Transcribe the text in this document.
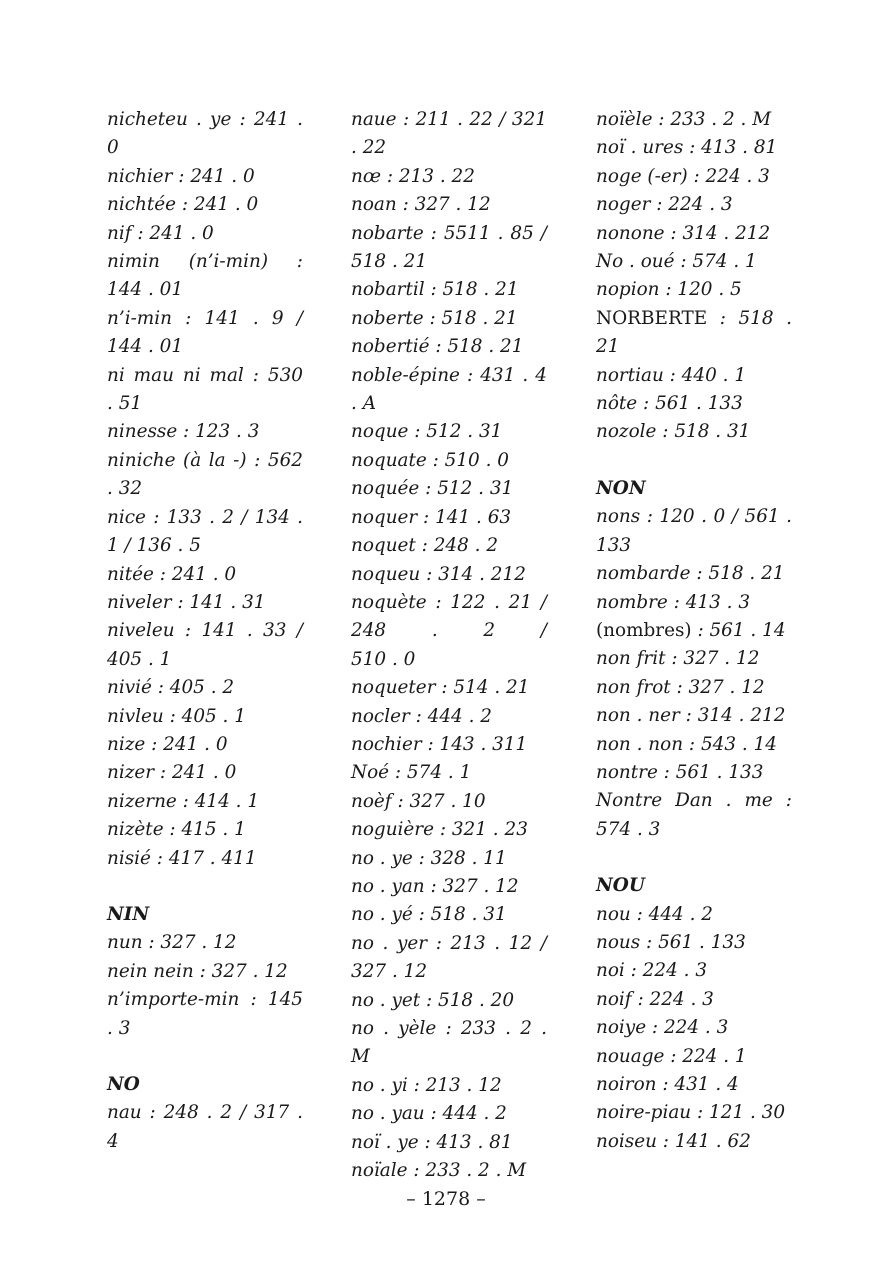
nicheteu . ye : 241 .
0
nichier : 241 . 0
nichtée : 241 . 0
nif : 241 . 0
nimin (n’i-min) :
144 . 01
n’i-min : 141 . 9 /
144 . 01
ni mau ni mal : 530
. 51
ninesse : 123 . 3
niniche (à la -) : 562
. 32
nice : 133 . 2 / 134 .
1 / 136 . 5
nitée : 241 . 0
niveler : 141 . 31
niveleu : 141 . 33 /
405 . 1
nivié : 405 . 2
nivleu : 405 . 1
nize : 241 . 0
nizer : 241 . 0
nizerne : 414 . 1
nizète : 415 . 1
nisié : 417 . 411
NIN
nun : 327 . 12
nein nein : 327 . 12
n’importe-min : 145
. 3
NO
nau : 248 . 2 / 317 .
4
naue : 211 . 22 / 321
. 22
nœ : 213 . 22
noan : 327 . 12
nobarte : 5511 . 85 /
518 . 21
nobartil : 518 . 21
noberte : 518 . 21
nobertié : 518 . 21
noble-épine : 431 . 4
. A
noque : 512 . 31
noquate : 510 . 0
noquée : 512 . 31
noquer : 141 . 63
noquet : 248 . 2
noqueu : 314 . 212
noquète : 122 . 21 /
248 . 2 /
510 . 0
noqueter : 514 . 21
nocler : 444 . 2
nochier : 143 . 311
Noé : 574 . 1
noèf : 327 . 10
noguière : 321 . 23
no . ye : 328 . 11
no . yan : 327 . 12
no . yé : 518 . 31
no . yer : 213 . 12 /
327 . 12
no . yet : 518 . 20
no . yèle : 233 . 2 .
M
no . yi : 213 . 12
no . yau : 444 . 2
noï . ye : 413 . 81
noïale : 233 . 2 . M
noïèle : 233 . 2 . M
noï . ures : 413 . 81
noge (-er) : 224 . 3
noger : 224 . 3
nonone : 314 . 212
No . oué : 574 . 1
nopion : 120 . 5
NORBERTE : 518 .
21
nortiau : 440 . 1
nôte : 561 . 133
nozole : 518 . 31
NON
nons : 120 . 0 / 561 .
133
nombarde : 518 . 21
nombre : 413 . 3
(nombres) : 561 . 14
non frit : 327 . 12
non frot : 327 . 12
non . ner : 314 . 212
non . non : 543 . 14
nontre : 561 . 133
Nontre Dan . me :
574 . 3
NOU
nou : 444 . 2
nous : 561 . 133
noi : 224 . 3
noif : 224 . 3
noiye : 224 . 3
nouage : 224 . 1
noiron : 431 . 4
noire-piau : 121 . 30
noiseu : 141 . 62
– 1278 –
